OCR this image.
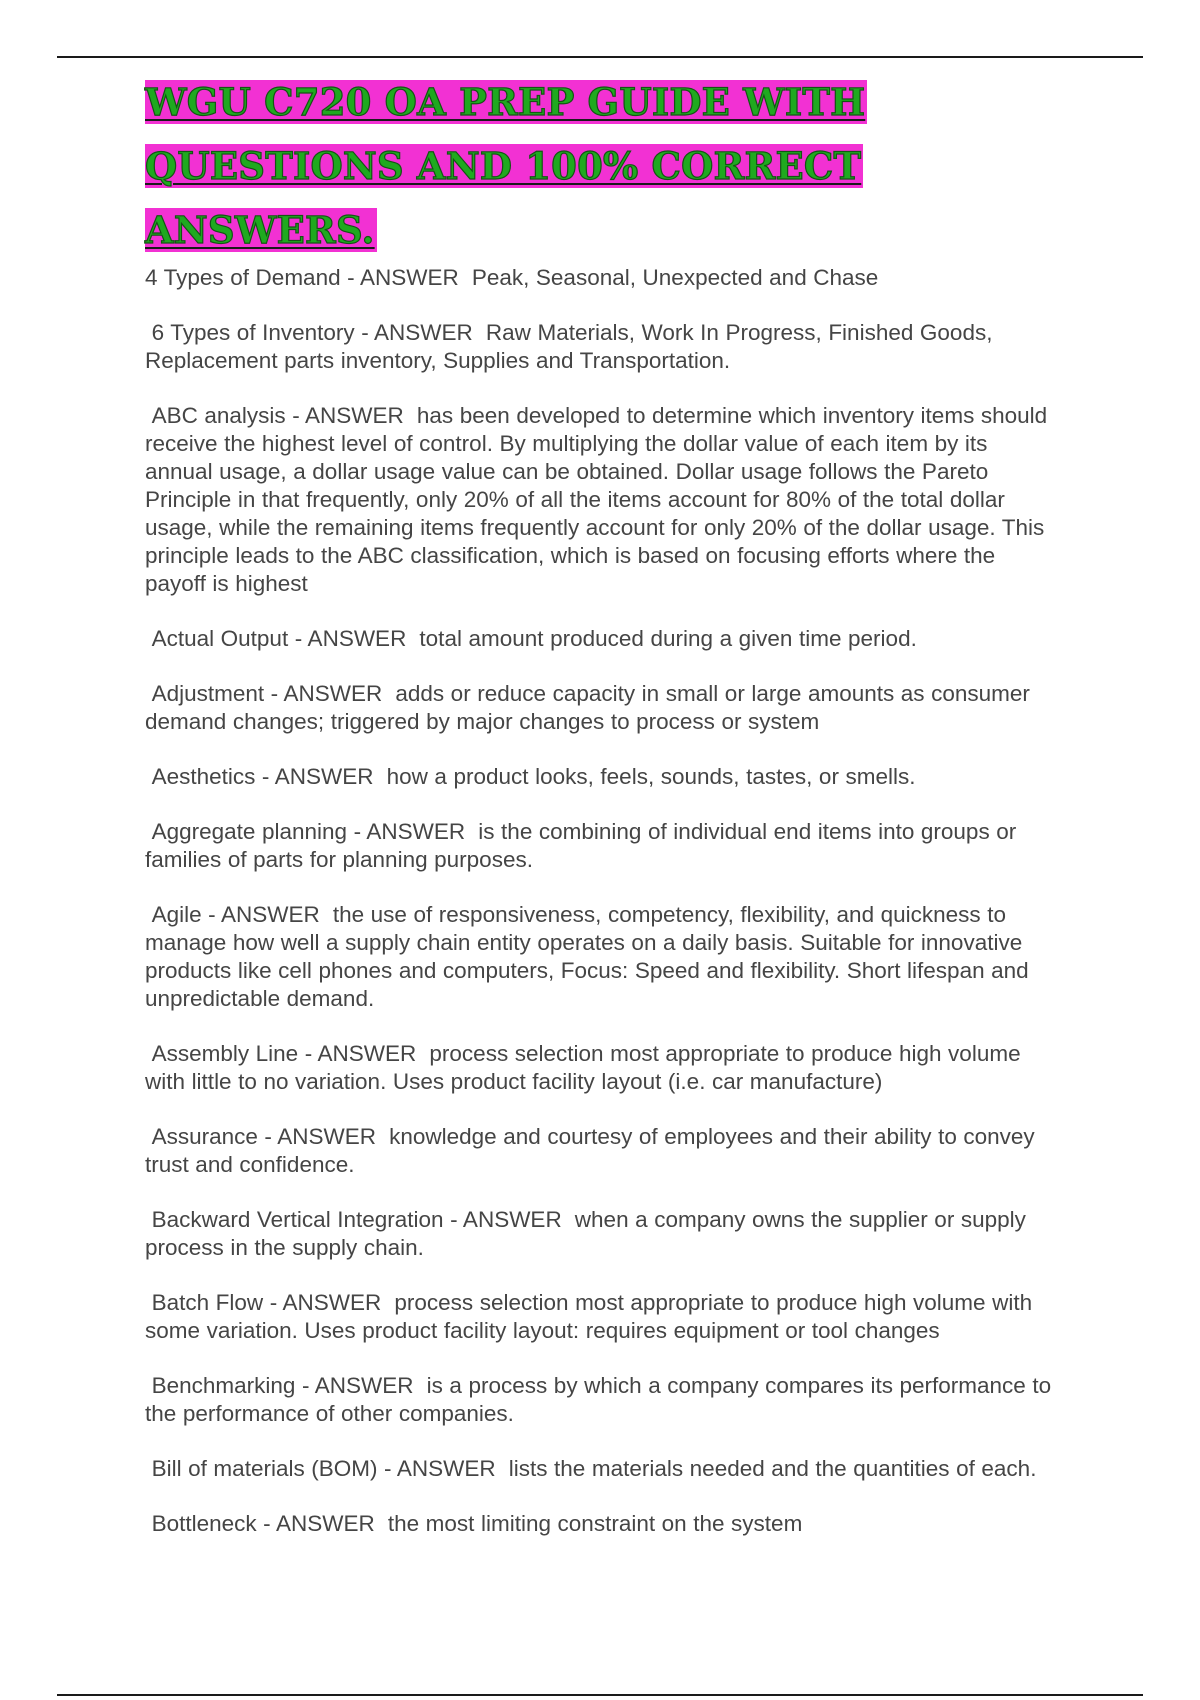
WGU C720 OA PREP GUIDE WITH QUESTIONS AND 100% CORRECT ANSWERS.

4 Types of Demand - ANSWER  Peak, Seasonal, Unexpected and Chase

6 Types of Inventory - ANSWER  Raw Materials, Work In Progress, Finished Goods, Replacement parts inventory, Supplies and Transportation.

ABC analysis - ANSWER  has been developed to determine which inventory items should receive the highest level of control. By multiplying the dollar value of each item by its annual usage, a dollar usage value can be obtained. Dollar usage follows the Pareto Principle in that frequently, only 20% of all the items account for 80% of the total dollar usage, while the remaining items frequently account for only 20% of the dollar usage. This principle leads to the ABC classification, which is based on focusing efforts where the payoff is highest

Actual Output - ANSWER  total amount produced during a given time period.

Adjustment - ANSWER  adds or reduce capacity in small or large amounts as consumer demand changes; triggered by major changes to process or system

Aesthetics - ANSWER  how a product looks, feels, sounds, tastes, or smells.

Aggregate planning - ANSWER  is the combining of individual end items into groups or families of parts for planning purposes.

Agile - ANSWER  the use of responsiveness, competency, flexibility, and quickness to manage how well a supply chain entity operates on a daily basis. Suitable for innovative products like cell phones and computers, Focus: Speed and flexibility. Short lifespan and unpredictable demand.

Assembly Line - ANSWER  process selection most appropriate to produce high volume with little to no variation. Uses product facility layout (i.e. car manufacture)

Assurance - ANSWER  knowledge and courtesy of employees and their ability to convey trust and confidence.

Backward Vertical Integration - ANSWER  when a company owns the supplier or supply process in the supply chain.

Batch Flow - ANSWER  process selection most appropriate to produce high volume with some variation. Uses product facility layout: requires equipment or tool changes

Benchmarking - ANSWER  is a process by which a company compares its performance to the performance of other companies.

Bill of materials (BOM) - ANSWER  lists the materials needed and the quantities of each.

Bottleneck - ANSWER  the most limiting constraint on the system
